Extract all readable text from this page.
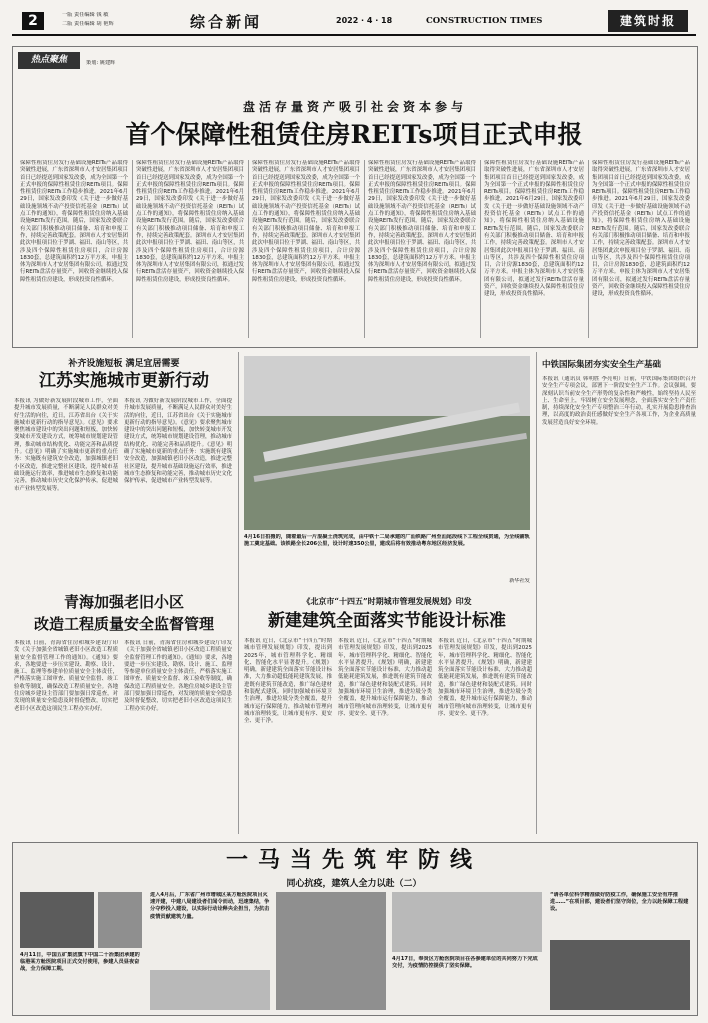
2	一版 责任编辑 钱 敏
二版 责任编辑 胡 艳辉	综合新闻	2022 · 4 · 18	CONSTRUCTION TIMES	建筑时报
热点聚焦	策划: 姚建辉
盘活存量资产吸引社会资本参与
首个保障性租赁住房REITs项目正式申报
保障性租赁住房发行基础设施REITs产品取得突破性进展，广东省深圳市人才安居集团项目首日已经提送到国家发改委，成为全国第一个正式申报的保障性租赁住房REITs项目。保障性租赁住房REITs工作稳步推进。2021年6月29日，国家发改委印发《关于进一步做好基础设施领域不动产投资信托基金（REITs）试点工作的通知》，将保障性租赁住房纳入基础设施REITs发行范围。随后，国家发改委联合有关部门积极推动项目储备、培育和申报工作，持续完善政策配套。深圳市人才安居集团此次申报项目位于罗湖、福田、南山等区，共涉及四个保障性租赁住房项目，合计房源1830套，总建筑面积约12万平方米。申报主体为深圳市人才安居集团有限公司，拟通过发行REITs盘活存量资产，回收资金继续投入保障性租赁住房建设，形成投资良性循环。
保障性租赁住房发行基础设施REITs产品取得突破性进展，广东省深圳市人才安居集团项目首日已经提送到国家发改委，成为全国第一个正式申报的保障性租赁住房REITs项目。保障性租赁住房REITs工作稳步推进。2021年6月29日，国家发改委印发《关于进一步做好基础设施领域不动产投资信托基金（REITs）试点工作的通知》，将保障性租赁住房纳入基础设施REITs发行范围。随后，国家发改委联合有关部门积极推动项目储备、培育和申报工作，持续完善政策配套。深圳市人才安居集团此次申报项目位于罗湖、福田、南山等区，共涉及四个保障性租赁住房项目，合计房源1830套，总建筑面积约12万平方米。申报主体为深圳市人才安居集团有限公司，拟通过发行REITs盘活存量资产，回收资金继续投入保障性租赁住房建设，形成投资良性循环。
保障性租赁住房发行基础设施REITs产品取得突破性进展，广东省深圳市人才安居集团项目首日已经提送到国家发改委，成为全国第一个正式申报的保障性租赁住房REITs项目。保障性租赁住房REITs工作稳步推进。2021年6月29日，国家发改委印发《关于进一步做好基础设施领域不动产投资信托基金（REITs）试点工作的通知》，将保障性租赁住房纳入基础设施REITs发行范围。随后，国家发改委联合有关部门积极推动项目储备、培育和申报工作，持续完善政策配套。深圳市人才安居集团此次申报项目位于罗湖、福田、南山等区，共涉及四个保障性租赁住房项目，合计房源1830套，总建筑面积约12万平方米。申报主体为深圳市人才安居集团有限公司，拟通过发行REITs盘活存量资产，回收资金继续投入保障性租赁住房建设，形成投资良性循环。
保障性租赁住房发行基础设施REITs产品取得突破性进展，广东省深圳市人才安居集团项目首日已经提送到国家发改委，成为全国第一个正式申报的保障性租赁住房REITs项目。保障性租赁住房REITs工作稳步推进。2021年6月29日，国家发改委印发《关于进一步做好基础设施领域不动产投资信托基金（REITs）试点工作的通知》，将保障性租赁住房纳入基础设施REITs发行范围。随后，国家发改委联合有关部门积极推动项目储备、培育和申报工作，持续完善政策配套。深圳市人才安居集团此次申报项目位于罗湖、福田、南山等区，共涉及四个保障性租赁住房项目，合计房源1830套，总建筑面积约12万平方米。申报主体为深圳市人才安居集团有限公司，拟通过发行REITs盘活存量资产，回收资金继续投入保障性租赁住房建设，形成投资良性循环。
保障性租赁住房发行基础设施REITs产品取得突破性进展，广东省深圳市人才安居集团项目首日已经提送到国家发改委，成为全国第一个正式申报的保障性租赁住房REITs项目。保障性租赁住房REITs工作稳步推进。2021年6月29日，国家发改委印发《关于进一步做好基础设施领域不动产投资信托基金（REITs）试点工作的通知》，将保障性租赁住房纳入基础设施REITs发行范围。随后，国家发改委联合有关部门积极推动项目储备、培育和申报工作，持续完善政策配套。深圳市人才安居集团此次申报项目位于罗湖、福田、南山等区，共涉及四个保障性租赁住房项目，合计房源1830套，总建筑面积约12万平方米。申报主体为深圳市人才安居集团有限公司，拟通过发行REITs盘活存量资产，回收资金继续投入保障性租赁住房建设，形成投资良性循环。
保障性租赁住房发行基础设施REITs产品取得突破性进展，广东省深圳市人才安居集团项目首日已经提送到国家发改委，成为全国第一个正式申报的保障性租赁住房REITs项目。保障性租赁住房REITs工作稳步推进。2021年6月29日，国家发改委印发《关于进一步做好基础设施领域不动产投资信托基金（REITs）试点工作的通知》，将保障性租赁住房纳入基础设施REITs发行范围。随后，国家发改委联合有关部门积极推动项目储备、培育和申报工作，持续完善政策配套。深圳市人才安居集团此次申报项目位于罗湖、福田、南山等区，共涉及四个保障性租赁住房项目，合计房源1830套，总建筑面积约12万平方米。申报主体为深圳市人才安居集团有限公司，拟通过发行REITs盘活存量资产，回收资金继续投入保障性租赁住房建设，形成投资良性循环。
补齐设施短板 满足宜居需要
江苏实施城市更新行动
本报讯 为做好新发展阶段城市工作，全面提升城市发展质量，不断满足人民群众对美好生活的向往，近日，江苏省出台《关于实施城市更新行动的指导意见》。《意见》要求聚焦城市建设中的突出问题和短板，加快转变城市开发建设方式，统筹城市规划建设管理，推动城市结构优化、功能完善和品质提升。《意见》明确了实施城市更新的重点任务：实施既有建筑安全改造，加强城镇老旧小区改造，推进完整社区建设，提升城市基础设施运行效率，推进城市生态修复和功能完善，推动城市历史文化保护传承，促进城市产业转型发展等。
本报讯 为做好新发展阶段城市工作，全面提升城市发展质量，不断满足人民群众对美好生活的向往，近日，江苏省出台《关于实施城市更新行动的指导意见》。《意见》要求聚焦城市建设中的突出问题和短板，加快转变城市开发建设方式，统筹城市规划建设管理，推动城市结构优化、功能完善和品质提升。《意见》明确了实施城市更新的重点任务：实施既有建筑安全改造，加强城镇老旧小区改造，推进完整社区建设，提升城市基础设施运行效率，推进城市生态修复和功能完善，推动城市历史文化保护传承，促进城市产业转型发展等。
青海加强老旧小区
改造工程质量安全监督管理
本报讯 日前，青海省住房和城乡建设厅印发《关于加强全省城镇老旧小区改造工程质量安全监督管理工作的通知》。《通知》要求，各地要进一步压实建设、勘察、设计、施工、监理等参建单位质量安全主体责任，严格落实施工图审查、质量安全监督、竣工验收等制度，确保改造工程质量安全。各地住房城乡建设主管部门要加强日常巡查，对发现的质量安全隐患及时督促整改，切实把老旧小区改造这项民生工程办实办好。
本报讯 日前，青海省住房和城乡建设厅印发《关于加强全省城镇老旧小区改造工程质量安全监督管理工作的通知》。《通知》要求，各地要进一步压实建设、勘察、设计、施工、监理等参建单位质量安全主体责任，严格落实施工图审查、质量安全监督、竣工验收等制度，确保改造工程质量安全。各地住房城乡建设主管部门要加强日常巡查，对发现的质量安全隐患及时督促整改，切实把老旧小区改造这项民生工程办实办好。
4月16日拍摄的，随着最后一片混凝土浇筑完成，由中铁十二局承建的广汕铁路广州至汕尾段线下工程全线贯通，为全线铺轨施工奠定基础。该铁路全长206公里，设计时速350公里，建成后将有效推动粤东地区经济发展。
新华社发
中铁国际集团夯实安全生产基础
本报讯（通讯员 韩明胜 李亮明）日前，中铁国际集团组织召开安全生产专项会议，部署下一阶段安全生产工作。会议强调，要深刻认识当前安全生产形势的复杂性和严峻性，始终坚持人民至上、生命至上，牢固树立安全发展理念，全面落实安全生产责任制，持续深化安全生产专项整治三年行动，扎实开展隐患排查治理，以高度的政治责任感做好安全生产各项工作，为企业高质量发展营造良好安全环境。
《北京市“十四五”时期城市管理发展规划》印发
新建建筑全面落实节能设计标准
本报讯 近日，《北京市“十四五”时期城市管理发展规划》印发，提出到2025年，城市管理科学化、精细化、智能化水平显著提升。《规划》明确，新建建筑全面落实节能设计标准，大力推动超低能耗建筑发展，推进既有建筑节能改造，推广绿色建材和装配式建筑。同时加强城市环境卫生治理，推进垃圾分类全覆盖，提升城市运行保障能力，推动城市管理向城市治理转变，让城市更有序、更安全、更干净。
本报讯 近日，《北京市“十四五”时期城市管理发展规划》印发，提出到2025年，城市管理科学化、精细化、智能化水平显著提升。《规划》明确，新建建筑全面落实节能设计标准，大力推动超低能耗建筑发展，推进既有建筑节能改造，推广绿色建材和装配式建筑。同时加强城市环境卫生治理，推进垃圾分类全覆盖，提升城市运行保障能力，推动城市管理向城市治理转变，让城市更有序、更安全、更干净。
本报讯 近日，《北京市“十四五”时期城市管理发展规划》印发，提出到2025年，城市管理科学化、精细化、智能化水平显著提升。《规划》明确，新建建筑全面落实节能设计标准，大力推动超低能耗建筑发展，推进既有建筑节能改造，推广绿色建材和装配式建筑。同时加强城市环境卫生治理，推进垃圾分类全覆盖，提升城市运行保障能力，推动城市管理向城市治理转变，让城市更有序、更安全、更干净。
一马当先筑牢防线
同心抗疫，建筑人全力以赴（二）
4月11日，中国五矿集团旗下中国二十冶集团承建的临港某方舱医院项目正式交付使用，参建人员昼夜奋战，全力保障工期。
进入4月后，广东省广州市增城区某方舱医院项目火速开建，中建八局建设者们闻令而动，迅速集结，争分夺秒投入建设，以实际行动诠释央企担当，为抗击疫情贡献建筑力量。
4月17日，奉贤区方舱医院项目在各参建单位的共同努力下完成交付，为疫情防控提供了坚实保障。
“请各单位科学精准做好防疫工作，确保施工安全有序推进……”在项目部，建设者们坚守岗位，全力以赴保障工程建设。
